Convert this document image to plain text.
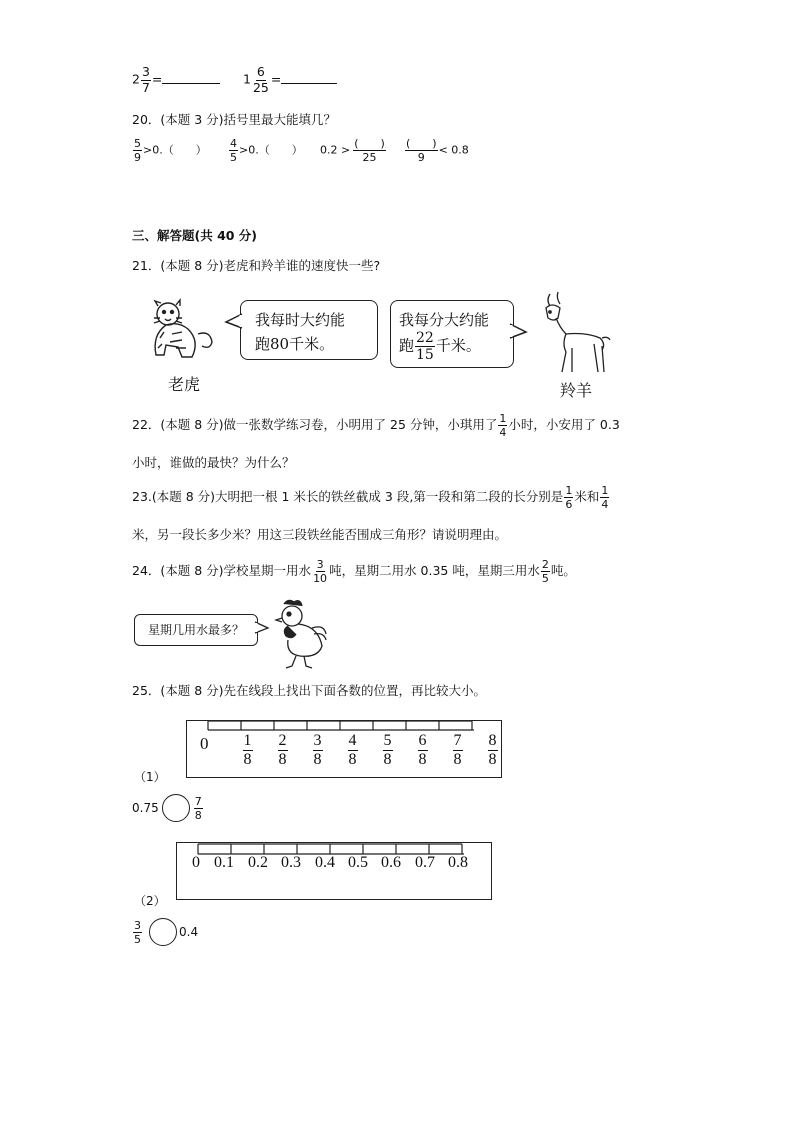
$2 \frac{3}{7}$ =	$1 \frac{6}{25}$ =
20．(本题 3 分)括号里最大能填几？
$\frac{5}{9} >0$.（　　） $\frac{4}{5} >0$.（　　） $0.2 > \frac{( )}{25} \frac{( )}{9} < 0.8$
三、解答题(共 40 分)
21．(本题 8 分)老虎和羚羊谁的速度快一些?
老虎
我每时大约能
跑80千米。
我每分大约能
跑 $\frac{22}{15}$ 千米。
羚羊
22．(本题 8 分)做一张数学练习卷，小明用了 25 分钟，小琪用了 $\frac{1}{4}$ 小时，小安用了 0.3
小时，谁做的最快？为什么？
23.(本题 8 分)大明把一根 1 米长的铁丝截成 3 段,第一段和第二段的长分别是 $\frac{1}{6}$ 米和 $\frac{1}{4}$
米，另一段长多少米？用这三段铁丝能否围成三角形？请说明理由。
24．(本题 8 分)学校星期一用水 $\frac{3}{10}$ 吨，星期二用水 0.35 吨，星期三用水 $\frac{2}{5}$ 吨。
星期几用水最多？
25．(本题 8 分)先在线段上找出下面各数的位置，再比较大小。
$0 \frac{1}{8} \frac{2}{8} \frac{3}{8} \frac{4}{8} \frac{5}{8} \frac{6}{8} \frac{7}{8} \frac{8}{8}$
（1）
0.75	$\frac{7}{8}$
0 0.1 0.2 0.3 0.4 0.5 0.6 0.7 0.8
（2）
$\frac{3}{5}$	0.4
